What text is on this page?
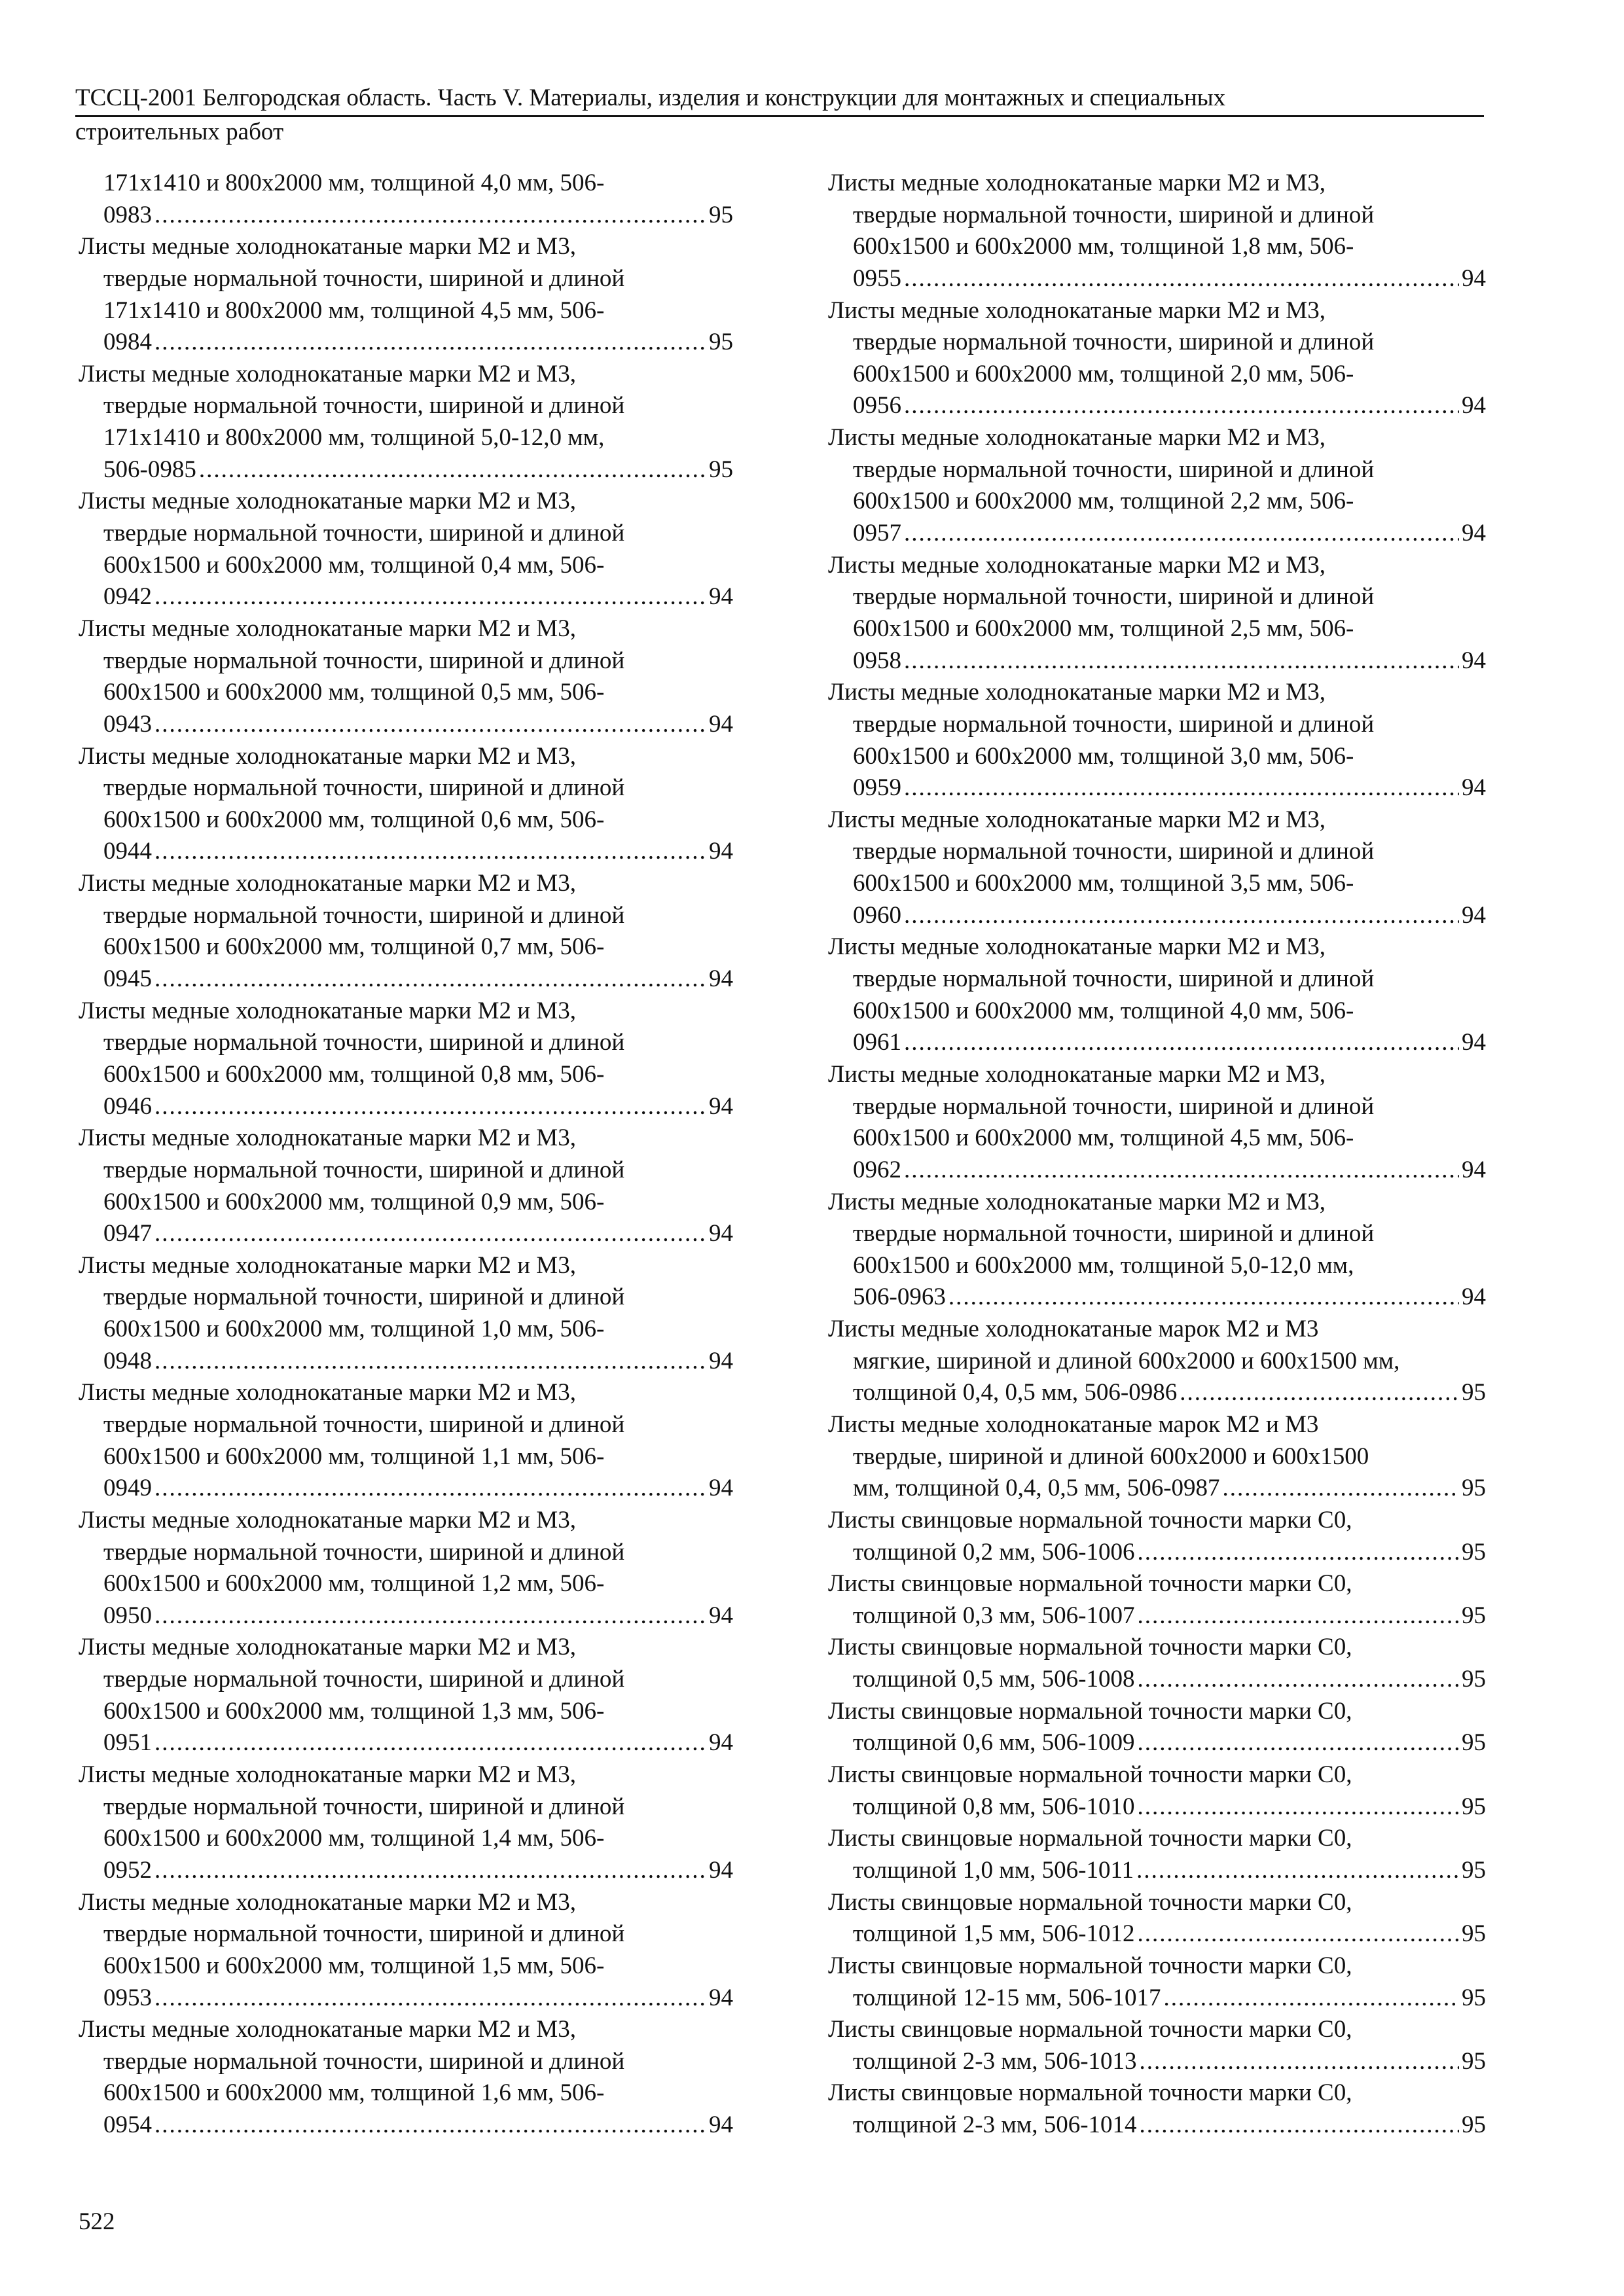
ТССЦ-2001 Белгородская область. Часть V. Материалы, изделия и конструкции для монтажных и специальных
строительных работ
171x1410 и 800x2000 мм, толщиной 4,0 мм, 506-
0983 .....	95
Листы медные холоднокатаные марки М2 и М3,
твердые нормальной точности, шириной и длиной
171x1410 и 800x2000 мм, толщиной 4,5 мм, 506-
0984 .....	95
Листы медные холоднокатаные марки М2 и М3,
твердые нормальной точности, шириной и длиной
171x1410 и 800x2000 мм, толщиной 5,0-12,0 мм,
506-0985 .....	95
Листы медные холоднокатаные марки М2 и М3,
твердые нормальной точности, шириной и длиной
600x1500 и 600x2000 мм, толщиной 0,4 мм, 506-
0942 .....	94
Листы медные холоднокатаные марки М2 и М3,
твердые нормальной точности, шириной и длиной
600x1500 и 600x2000 мм, толщиной 0,5 мм, 506-
0943 .....	94
Листы медные холоднокатаные марки М2 и М3,
твердые нормальной точности, шириной и длиной
600x1500 и 600x2000 мм, толщиной 0,6 мм, 506-
0944 .....	94
Листы медные холоднокатаные марки М2 и М3,
твердые нормальной точности, шириной и длиной
600x1500 и 600x2000 мм, толщиной 0,7 мм, 506-
0945 .....	94
Листы медные холоднокатаные марки М2 и М3,
твердые нормальной точности, шириной и длиной
600x1500 и 600x2000 мм, толщиной 0,8 мм, 506-
0946 .....	94
Листы медные холоднокатаные марки М2 и М3,
твердые нормальной точности, шириной и длиной
600x1500 и 600x2000 мм, толщиной 0,9 мм, 506-
0947 .....	94
Листы медные холоднокатаные марки М2 и М3,
твердые нормальной точности, шириной и длиной
600x1500 и 600x2000 мм, толщиной 1,0 мм, 506-
0948 .....	94
Листы медные холоднокатаные марки М2 и М3,
твердые нормальной точности, шириной и длиной
600x1500 и 600x2000 мм, толщиной 1,1 мм, 506-
0949 .....	94
Листы медные холоднокатаные марки М2 и М3,
твердые нормальной точности, шириной и длиной
600x1500 и 600x2000 мм, толщиной 1,2 мм, 506-
0950 .....	94
Листы медные холоднокатаные марки М2 и М3,
твердые нормальной точности, шириной и длиной
600x1500 и 600x2000 мм, толщиной 1,3 мм, 506-
0951 .....	94
Листы медные холоднокатаные марки М2 и М3,
твердые нормальной точности, шириной и длиной
600x1500 и 600x2000 мм, толщиной 1,4 мм, 506-
0952 .....	94
Листы медные холоднокатаные марки М2 и М3,
твердые нормальной точности, шириной и длиной
600x1500 и 600x2000 мм, толщиной 1,5 мм, 506-
0953 .....	94
Листы медные холоднокатаные марки М2 и М3,
твердые нормальной точности, шириной и длиной
600x1500 и 600x2000 мм, толщиной 1,6 мм, 506-
0954 .....	94
Листы медные холоднокатаные марки М2 и М3,
твердые нормальной точности, шириной и длиной
600x1500 и 600x2000 мм, толщиной 1,8 мм, 506-
0955 .....	94
Листы медные холоднокатаные марки М2 и М3,
твердые нормальной точности, шириной и длиной
600x1500 и 600x2000 мм, толщиной 2,0 мм, 506-
0956 .....	94
Листы медные холоднокатаные марки М2 и М3,
твердые нормальной точности, шириной и длиной
600x1500 и 600x2000 мм, толщиной 2,2 мм, 506-
0957 .....	94
Листы медные холоднокатаные марки М2 и М3,
твердые нормальной точности, шириной и длиной
600x1500 и 600x2000 мм, толщиной 2,5 мм, 506-
0958 .....	94
Листы медные холоднокатаные марки М2 и М3,
твердые нормальной точности, шириной и длиной
600x1500 и 600x2000 мм, толщиной 3,0 мм, 506-
0959 .....	94
Листы медные холоднокатаные марки М2 и М3,
твердые нормальной точности, шириной и длиной
600x1500 и 600x2000 мм, толщиной 3,5 мм, 506-
0960 .....	94
Листы медные холоднокатаные марки М2 и М3,
твердые нормальной точности, шириной и длиной
600x1500 и 600x2000 мм, толщиной 4,0 мм, 506-
0961 .....	94
Листы медные холоднокатаные марки М2 и М3,
твердые нормальной точности, шириной и длиной
600x1500 и 600x2000 мм, толщиной 4,5 мм, 506-
0962 .....	94
Листы медные холоднокатаные марки М2 и М3,
твердые нормальной точности, шириной и длиной
600x1500 и 600x2000 мм, толщиной 5,0-12,0 мм,
506-0963 .....	94
Листы медные холоднокатаные марок М2 и М3
мягкие, шириной и длиной 600x2000 и 600x1500 мм,
толщиной 0,4, 0,5 мм, 506-0986 .....	95
Листы медные холоднокатаные марок М2 и М3
твердые, шириной и длиной 600x2000 и 600x1500
мм, толщиной 0,4, 0,5 мм, 506-0987 .....	95
Листы свинцовые нормальной точности марки С0,
толщиной 0,2 мм, 506-1006 .....	95
Листы свинцовые нормальной точности марки С0,
толщиной 0,3 мм, 506-1007 .....	95
Листы свинцовые нормальной точности марки С0,
толщиной 0,5 мм, 506-1008 .....	95
Листы свинцовые нормальной точности марки С0,
толщиной 0,6 мм, 506-1009 .....	95
Листы свинцовые нормальной точности марки С0,
толщиной 0,8 мм, 506-1010 .....	95
Листы свинцовые нормальной точности марки С0,
толщиной 1,0 мм, 506-1011 .....	95
Листы свинцовые нормальной точности марки С0,
толщиной 1,5 мм, 506-1012 .....	95
Листы свинцовые нормальной точности марки С0,
толщиной 12-15 мм, 506-1017 .....	95
Листы свинцовые нормальной точности марки С0,
толщиной 2-3 мм, 506-1013 .....	95
Листы свинцовые нормальной точности марки С0,
толщиной 2-3 мм, 506-1014 .....	95
522
